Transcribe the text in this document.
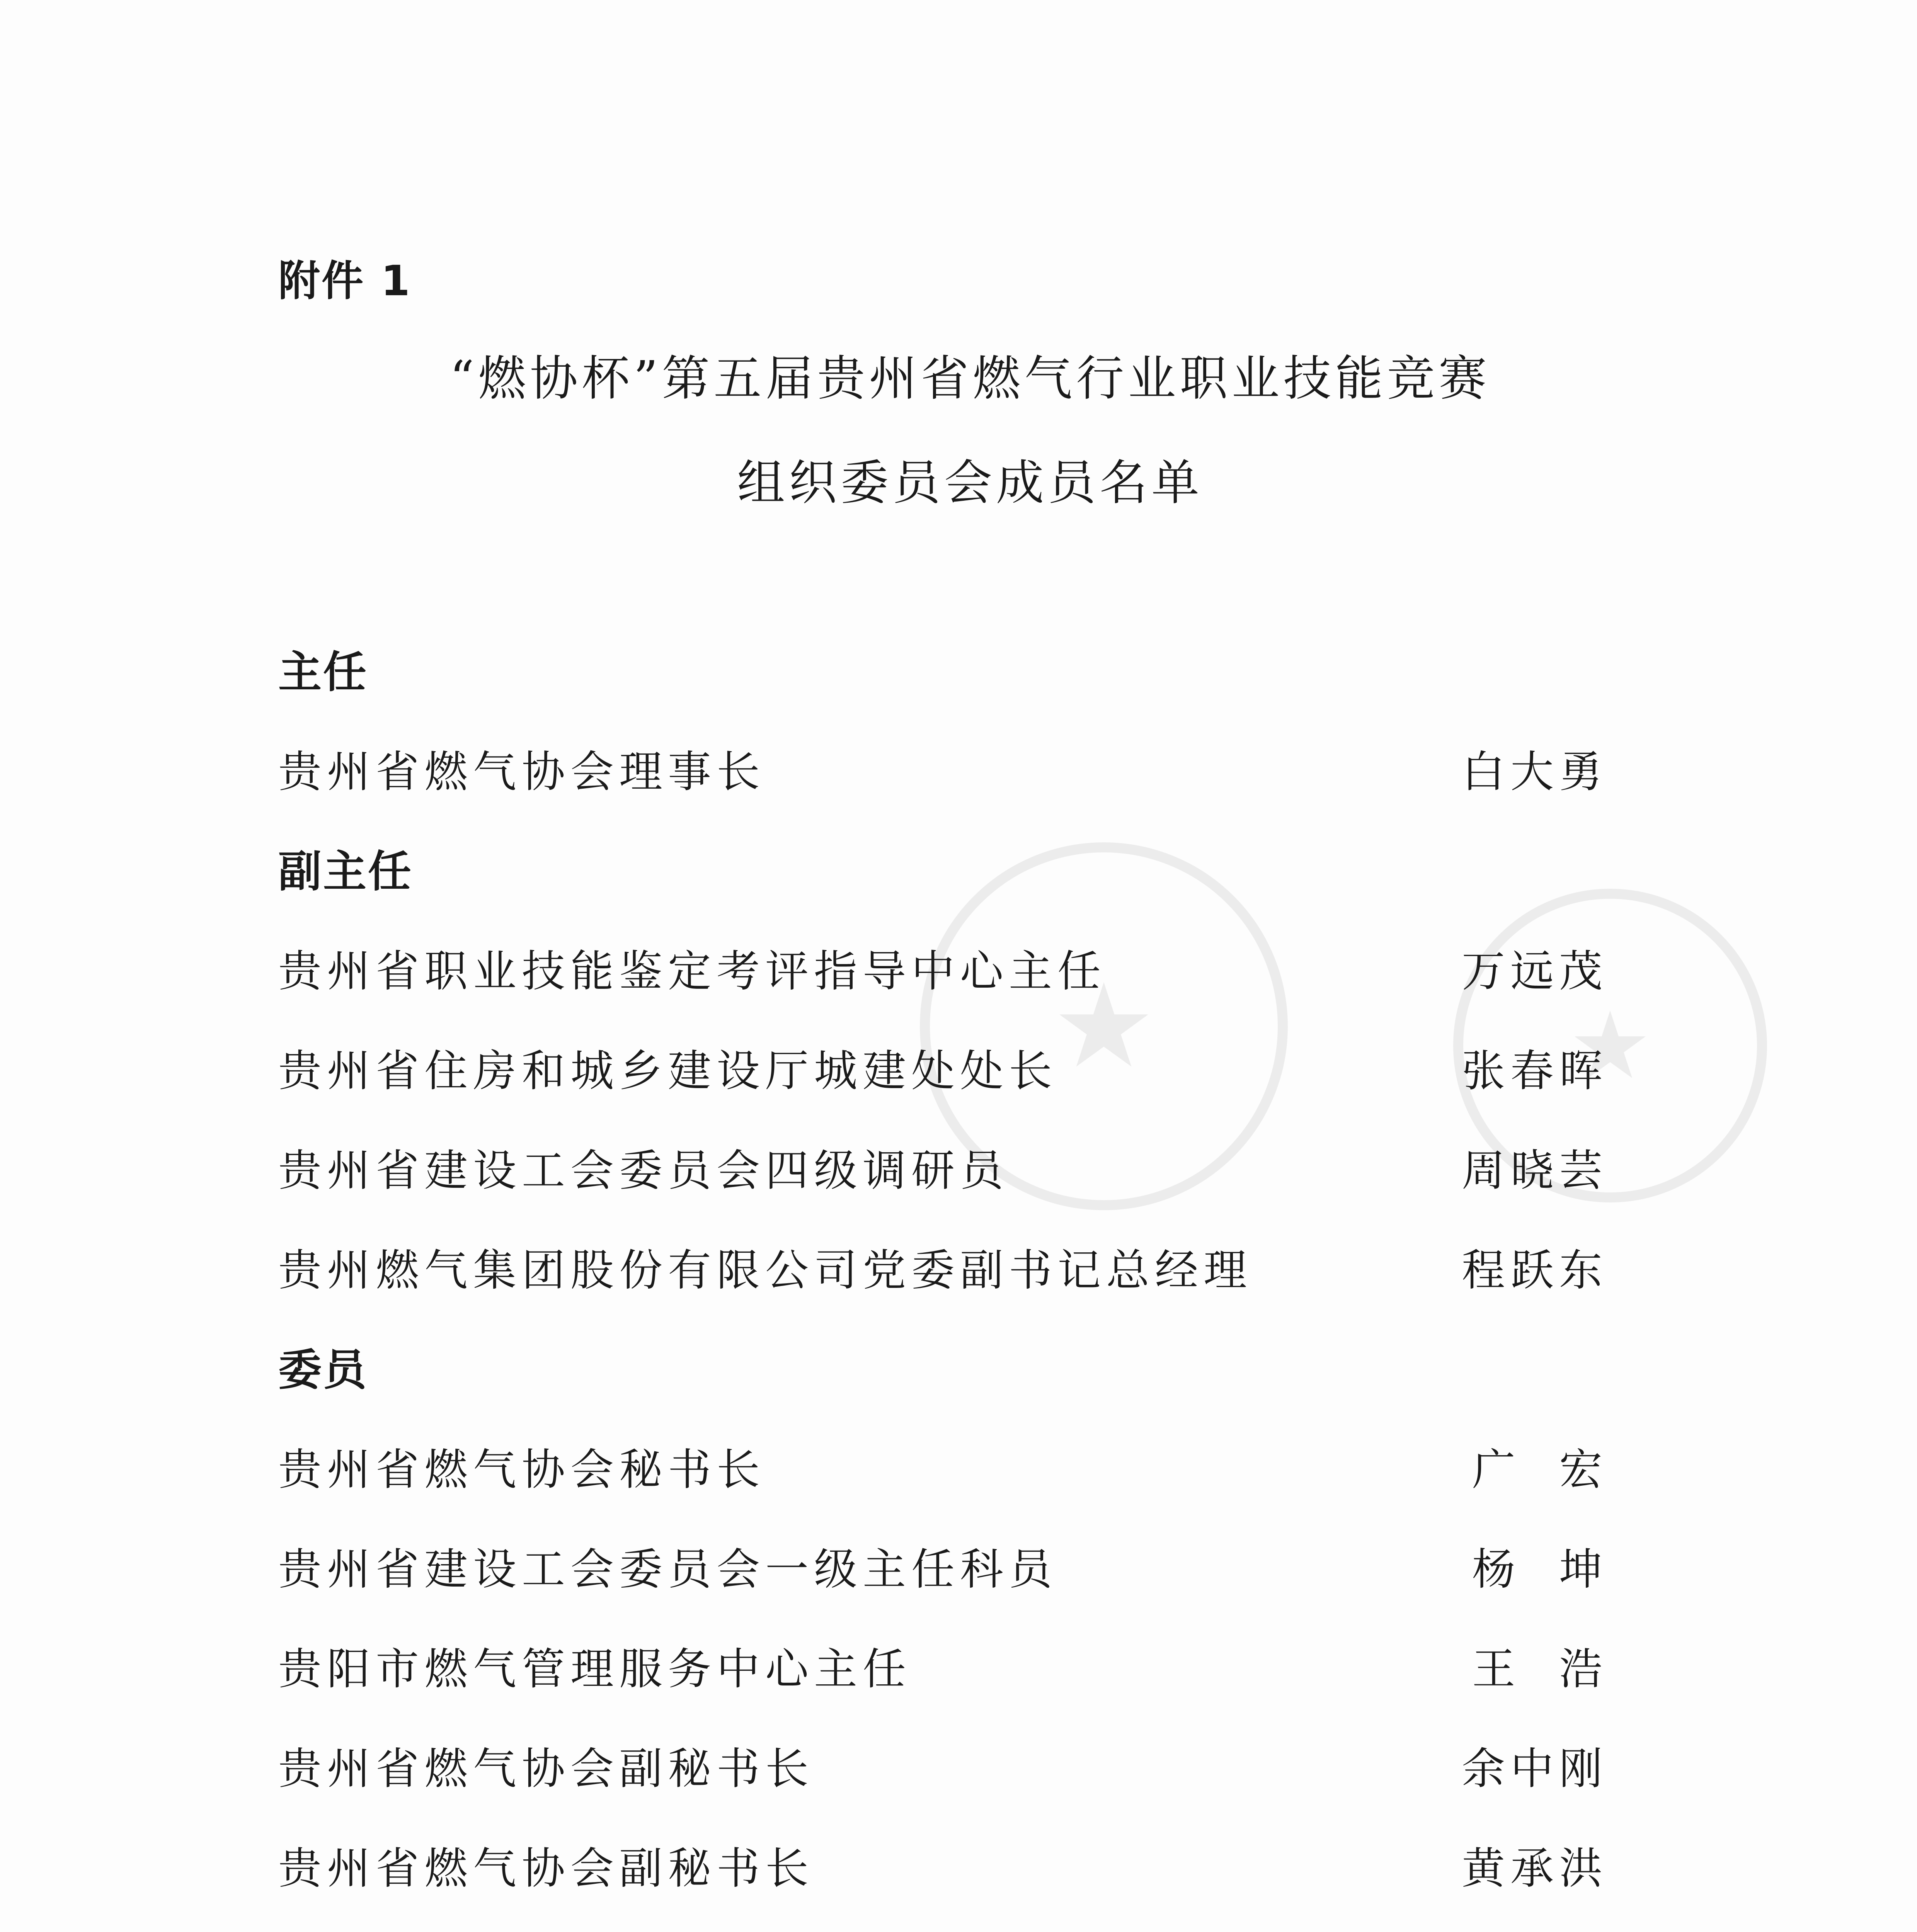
★	★
附件 1
“燃协杯”第五届贵州省燃气行业职业技能竞赛
组织委员会成员名单
主任
贵州省燃气协会理事长	白大勇
副主任
贵州省职业技能鉴定考评指导中心主任	万远茂
贵州省住房和城乡建设厅城建处处长	张春晖
贵州省建设工会委员会四级调研员	周晓芸
贵州燃气集团股份有限公司党委副书记总经理	程跃东
委员
贵州省燃气协会秘书长	广  宏
贵州省建设工会委员会一级主任科员	杨  坤
贵阳市燃气管理服务中心主任	王  浩
贵州省燃气协会副秘书长	余中刚
贵州省燃气协会副秘书长	黄承洪
